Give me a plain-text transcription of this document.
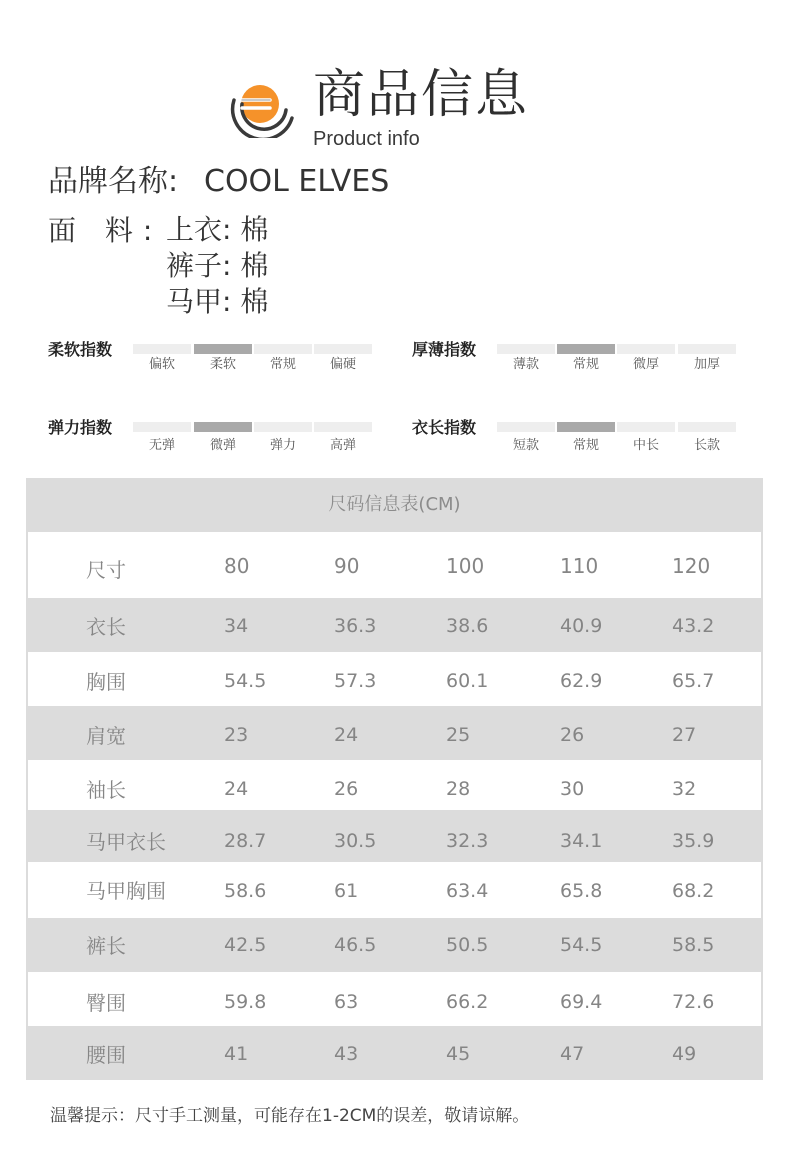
商品信息
Product info
品牌名称: COOL ELVES
面 料: 上衣: 棉
裤子: 棉
马甲: 棉
柔软指数
偏软	柔软	常规	偏硬
厚薄指数
薄款	常规	微厚	加厚
弹力指数
无弹	微弹	弹力	高弹
衣长指数
短款	常规	中长	长款
尺码信息表(CM)
尺寸	80	90	100	110	120
衣长	34	36.3	38.6	40.9	43.2
胸围	54.5	57.3	60.1	62.9	65.7
肩宽	23	24	25	26	27
袖长	24	26	28	30	32
马甲衣长	28.7	30.5	32.3	34.1	35.9
马甲胸围	58.6	61	63.4	65.8	68.2
裤长	42.5	46.5	50.5	54.5	58.5
臀围	59.8	63	66.2	69.4	72.6
腰围	41	43	45	47	49
温馨提示：尺寸手工测量，可能存在1-2CM的误差，敬请谅解。
